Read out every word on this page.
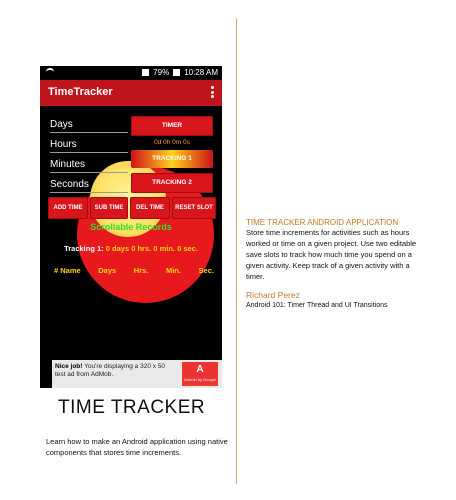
79% 10:28 AM
TimeTracker
Days
Hours
Minutes
Seconds
TIMER
0d 0h 0m 0s
TRACKING 1
TRACKING 2
ADD TIME	SUB TIME	DEL TIME	RESET SLOT
Scrollable Records
Tracking 1: 0 days 0 hrs. 0 min. 0 sec.
# Name Days Hrs. Min. Sec.
Nice job! You're displaying a 320 x 50 test ad from AdMob.	A
Admob by Google
TIME TRACKER
Learn how to make an Android application using native components that stores time increments.
TIME TRACKER ANDROID APPLICATION
Store time increments for activities such as hours worked or time on a given project. Use two editable save slots to track how much time you spend on a given activity. Keep track of a given activity with a timer.
Richard Perez
Android 101: Timer Thread and UI Transitions
